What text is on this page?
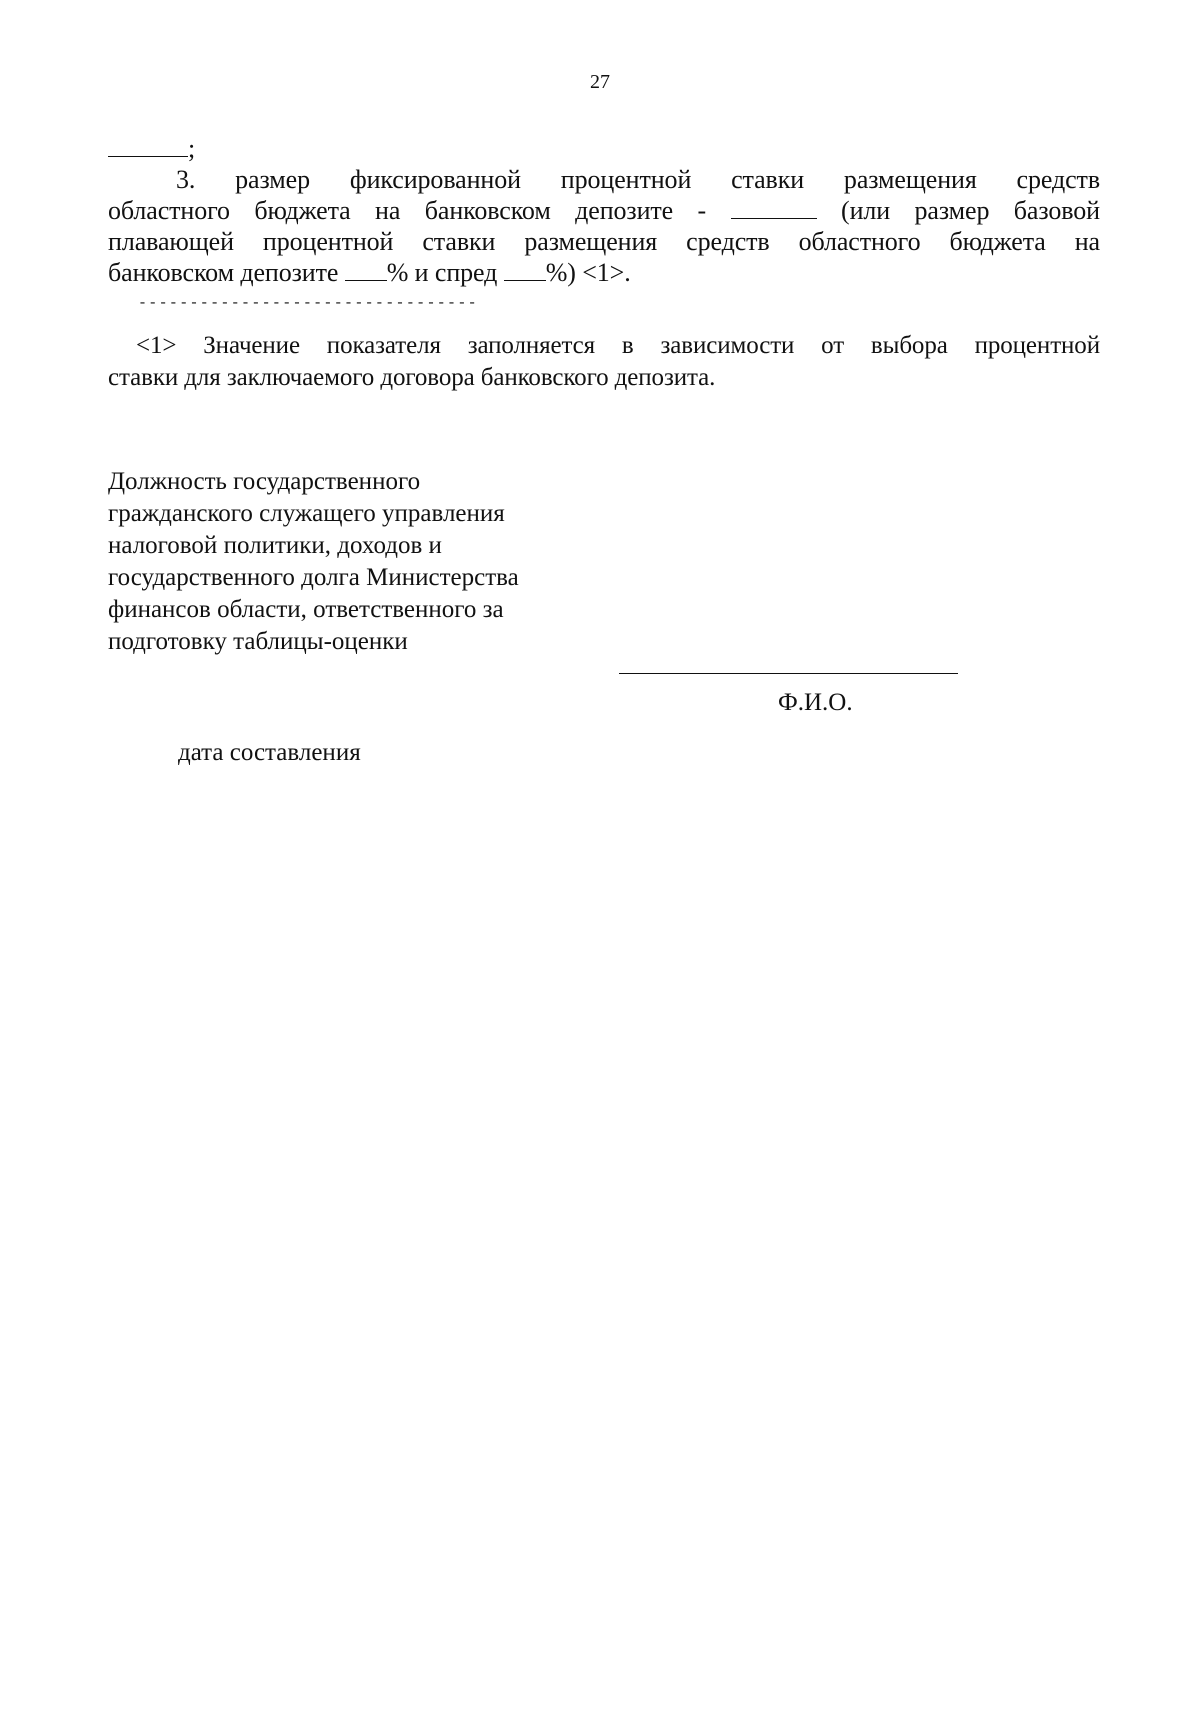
27
;
3. размер фиксированной процентной ставки размещения средств
областного бюджета на банковском депозите -	(или размер базовой
плавающей процентной ставки размещения средств областного бюджета на
банковском депозите % и спред %) <1>.
---------------------------------
<1> Значение показателя заполняется в зависимости от выбора процентной
ставки для заключаемого договора банковского депозита.
Должность государственного
гражданского служащего управления
налоговой политики, доходов и
государственного долга Министерства
финансов области, ответственного за
подготовку таблицы-оценки
Ф.И.О.
дата составления
